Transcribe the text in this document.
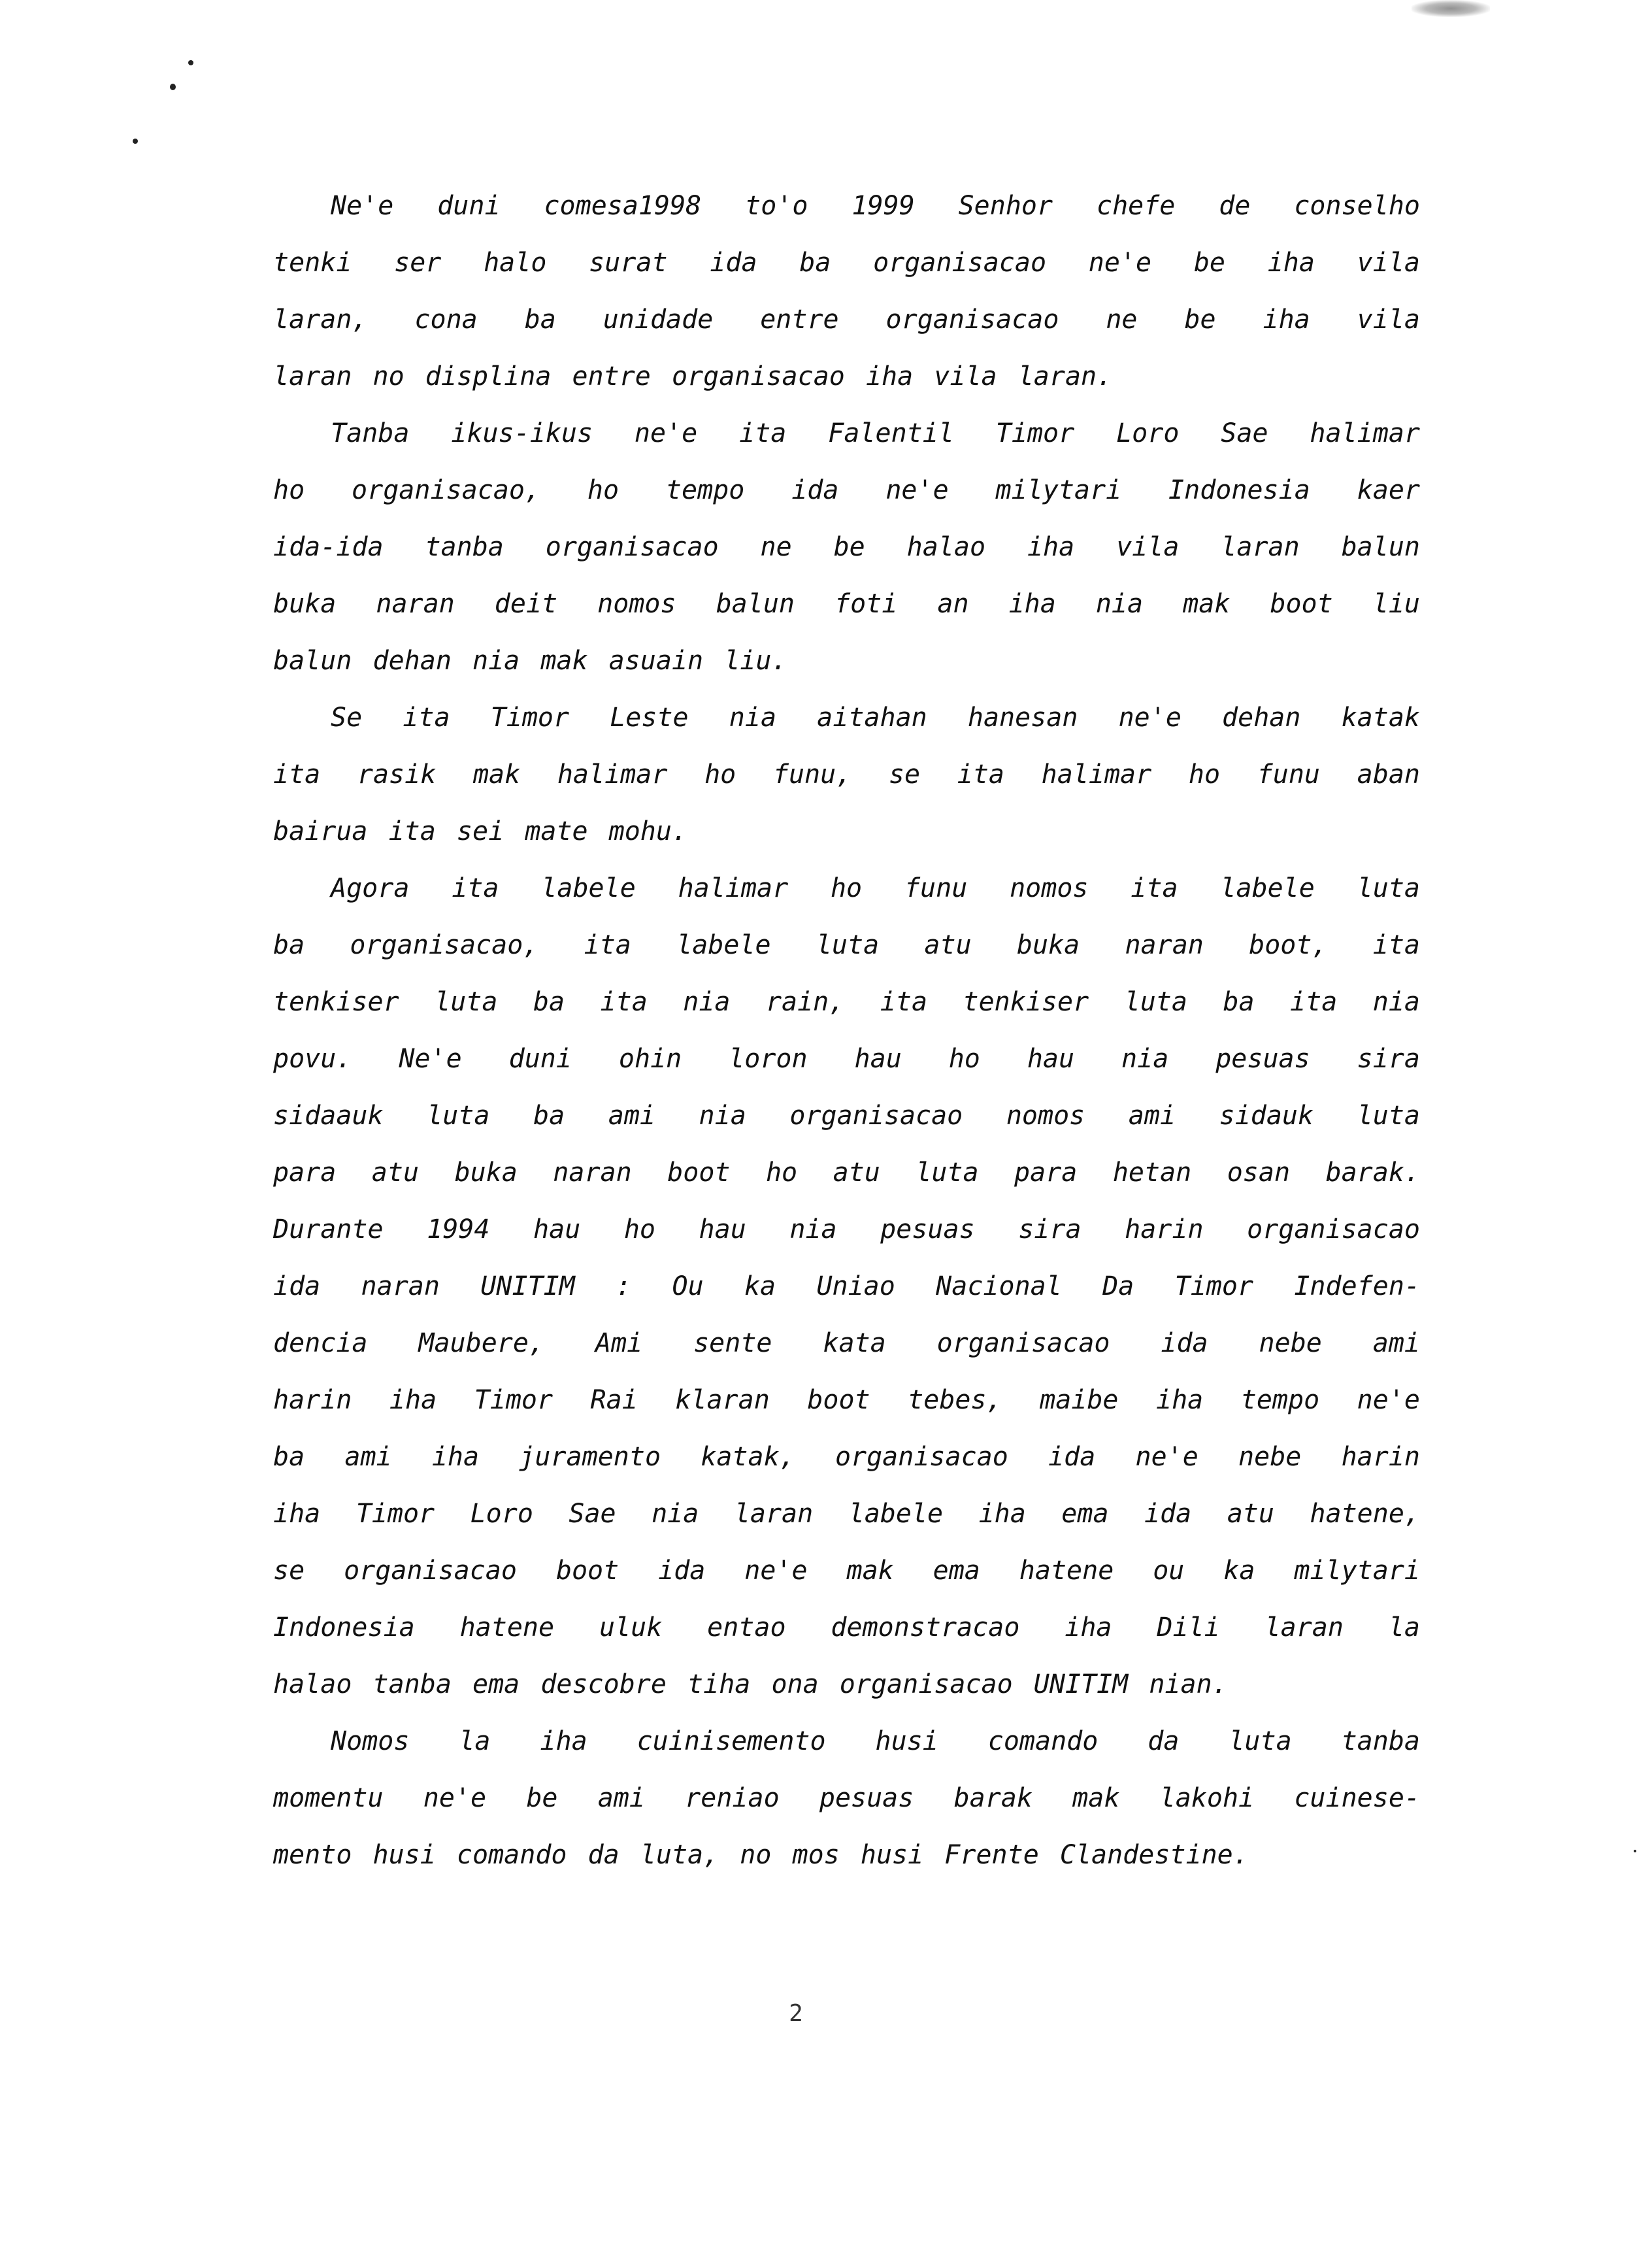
Ne'e duni comesa1998 to'o 1999 Senhor chefe de conselho
tenki ser halo surat ida ba organisacao ne'e be iha vila
laran, cona ba unidade entre organisacao ne be iha vila
laran no displina entre organisacao iha vila laran.
Tanba ikus-ikus ne'e ita Falentil Timor Loro Sae halimar
ho organisacao, ho tempo ida ne'e milytari Indonesia kaer
ida-ida tanba organisacao ne be halao iha vila laran balun
buka naran deit nomos balun foti an iha nia mak boot liu
balun dehan nia mak asuain liu.
Se ita Timor Leste nia aitahan hanesan ne'e dehan katak
ita rasik mak halimar ho funu, se ita halimar ho funu aban
bairua ita sei mate mohu.
Agora ita labele halimar ho funu nomos ita labele luta
ba organisacao, ita labele luta atu buka naran boot, ita
tenkiser luta ba ita nia rain, ita tenkiser luta ba ita nia
povu. Ne'e duni ohin loron hau ho hau nia pesuas sira
sidaauk luta ba ami nia organisacao nomos ami sidauk luta
para atu buka naran boot ho atu luta para hetan osan barak.
Durante 1994 hau ho hau nia pesuas sira harin organisacao
ida naran UNITIM : Ou ka Uniao Nacional Da Timor Indefen-
dencia Maubere, Ami sente kata organisacao ida nebe ami
harin iha Timor Rai klaran boot tebes, maibe iha tempo ne'e
ba ami iha juramento katak, organisacao ida ne'e nebe harin
iha Timor Loro Sae nia laran labele iha ema ida atu hatene,
se organisacao boot ida ne'e mak ema hatene ou ka milytari
Indonesia hatene uluk entao demonstracao iha Dili laran la
halao tanba ema descobre tiha ona organisacao UNITIM nian.
Nomos la iha cuinisemento husi comando da luta tanba
momentu ne'e be ami reniao pesuas barak mak lakohi cuinese-
mento husi comando da luta, no mos husi Frente Clandestine.
2
